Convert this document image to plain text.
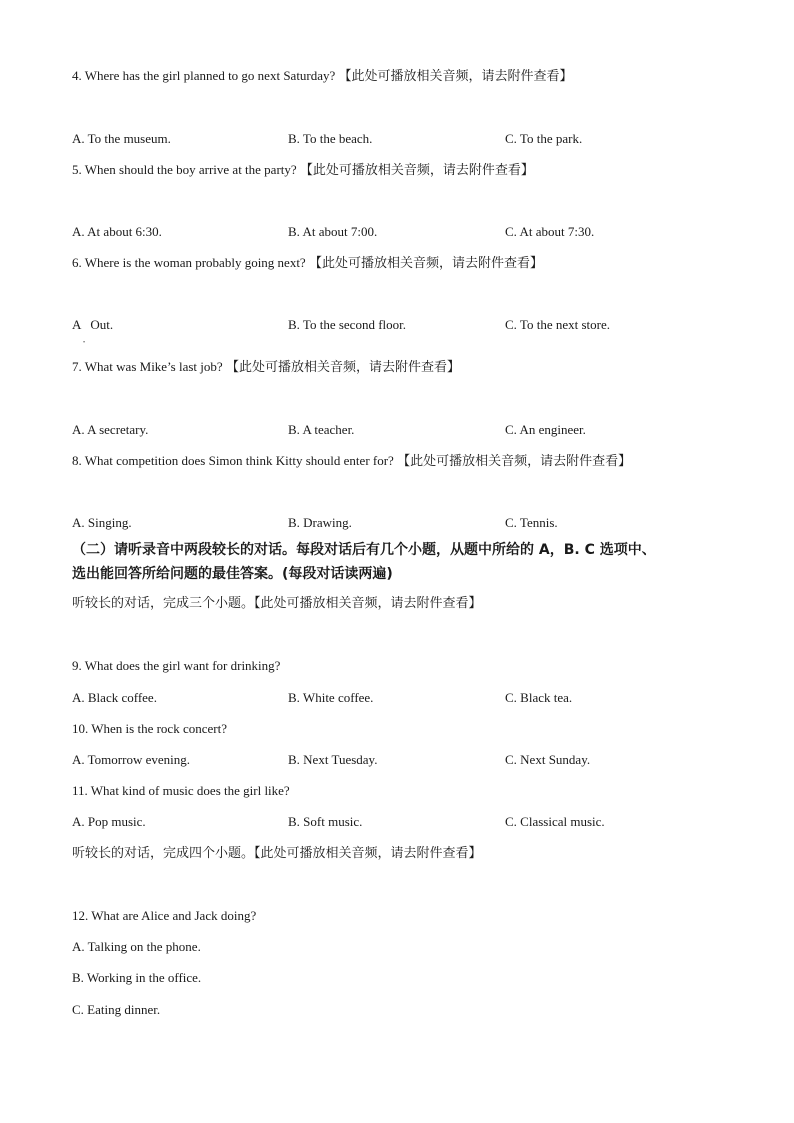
4. Where has the girl planned to go next Saturday? 【此处可播放相关音频，请去附件查看】
A. To the museum.	B. To the beach.	C. To the park.
5. When should the boy arrive at the party? 【此处可播放相关音频，请去附件查看】
A. At about 6:30.	B. At about 7:00.	C. At about 7:30.
6. Where is the woman probably going next? 【此处可播放相关音频，请去附件查看】
A   Out.
•
B. To the second floor.	C. To the next store.
7. What was Mike’s last job? 【此处可播放相关音频，请去附件查看】
A. A secretary.	B. A teacher.	C. An engineer.
8. What competition does Simon think Kitty should enter for? 【此处可播放相关音频，请去附件查看】
A. Singing.	B. Drawing.	C. Tennis.
（二）请听录音中两段较长的对话。每段对话后有几个小题，从题中所给的 A，B. C 选项中、
选出能回答所给问题的最佳答案。(每段对话读两遍)
听较长的对话，完成三个小题。【此处可播放相关音频，请去附件查看】
9. What does the girl want for drinking?
A. Black coffee.	B. White coffee.	C. Black tea.
10. When is the rock concert?
A. Tomorrow evening.	B. Next Tuesday.	C. Next Sunday.
11. What kind of music does the girl like?
A. Pop music.	B. Soft music.	C. Classical music.
听较长的对话，完成四个小题。【此处可播放相关音频，请去附件查看】
12. What are Alice and Jack doing?
A. Talking on the phone.
B. Working in the office.
C. Eating dinner.
